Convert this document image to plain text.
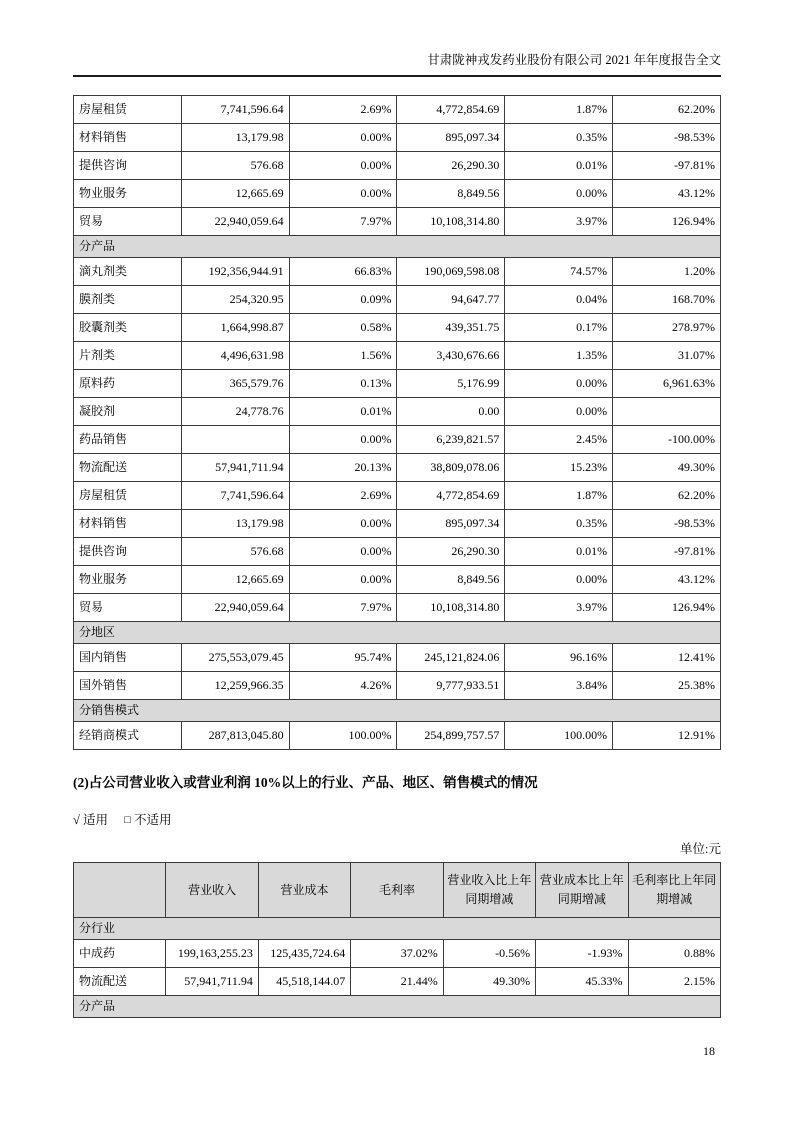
甘肃陇神戎发药业股份有限公司 2021 年年度报告全文
房屋租赁	7,741,596.64	2.69%	4,772,854.69	1.87%	62.20%
材料销售	13,179.98	0.00%	895,097.34	0.35%	-98.53%
提供咨询	576.68	0.00%	26,290.30	0.01%	-97.81%
物业服务	12,665.69	0.00%	8,849.56	0.00%	43.12%
贸易	22,940,059.64	7.97%	10,108,314.80	3.97%	126.94%
分产品					
滴丸剂类	192,356,944.91	66.83%	190,069,598.08	74.57%	1.20%
膜剂类	254,320.95	0.09%	94,647.77	0.04%	168.70%
胶囊剂类	1,664,998.87	0.58%	439,351.75	0.17%	278.97%
片剂类	4,496,631.98	1.56%	3,430,676.66	1.35%	31.07%
原料药	365,579.76	0.13%	5,176.99	0.00%	6,961.63%
凝胶剂	24,778.76	0.01%	0.00	0.00%	
药品销售		0.00%	6,239,821.57	2.45%	-100.00%
物流配送	57,941,711.94	20.13%	38,809,078.06	15.23%	49.30%
房屋租赁	7,741,596.64	2.69%	4,772,854.69	1.87%	62.20%
材料销售	13,179.98	0.00%	895,097.34	0.35%	-98.53%
提供咨询	576.68	0.00%	26,290.30	0.01%	-97.81%
物业服务	12,665.69	0.00%	8,849.56	0.00%	43.12%
贸易	22,940,059.64	7.97%	10,108,314.80	3.97%	126.94%
分地区					
国内销售	275,553,079.45	95.74%	245,121,824.06	96.16%	12.41%
国外销售	12,259,966.35	4.26%	9,777,933.51	3.84%	25.38%
分销售模式					
经销商模式	287,813,045.80	100.00%	254,899,757.57	100.00%	12.91%
(2)占公司营业收入或营业利润 10%以上的行业、产品、地区、销售模式的情况
√ 适用 □ 不适用
单位:元
	营业收入	营业成本	毛利率	营业收入比上年同期增减	营业成本比上年同期增减	毛利率比上年同期增减
分行业						
中成药	199,163,255.23	125,435,724.64	37.02%	-0.56%	-1.93%	0.88%
物流配送	57,941,711.94	45,518,144.07	21.44%	49.30%	45.33%	2.15%
分产品						
18
